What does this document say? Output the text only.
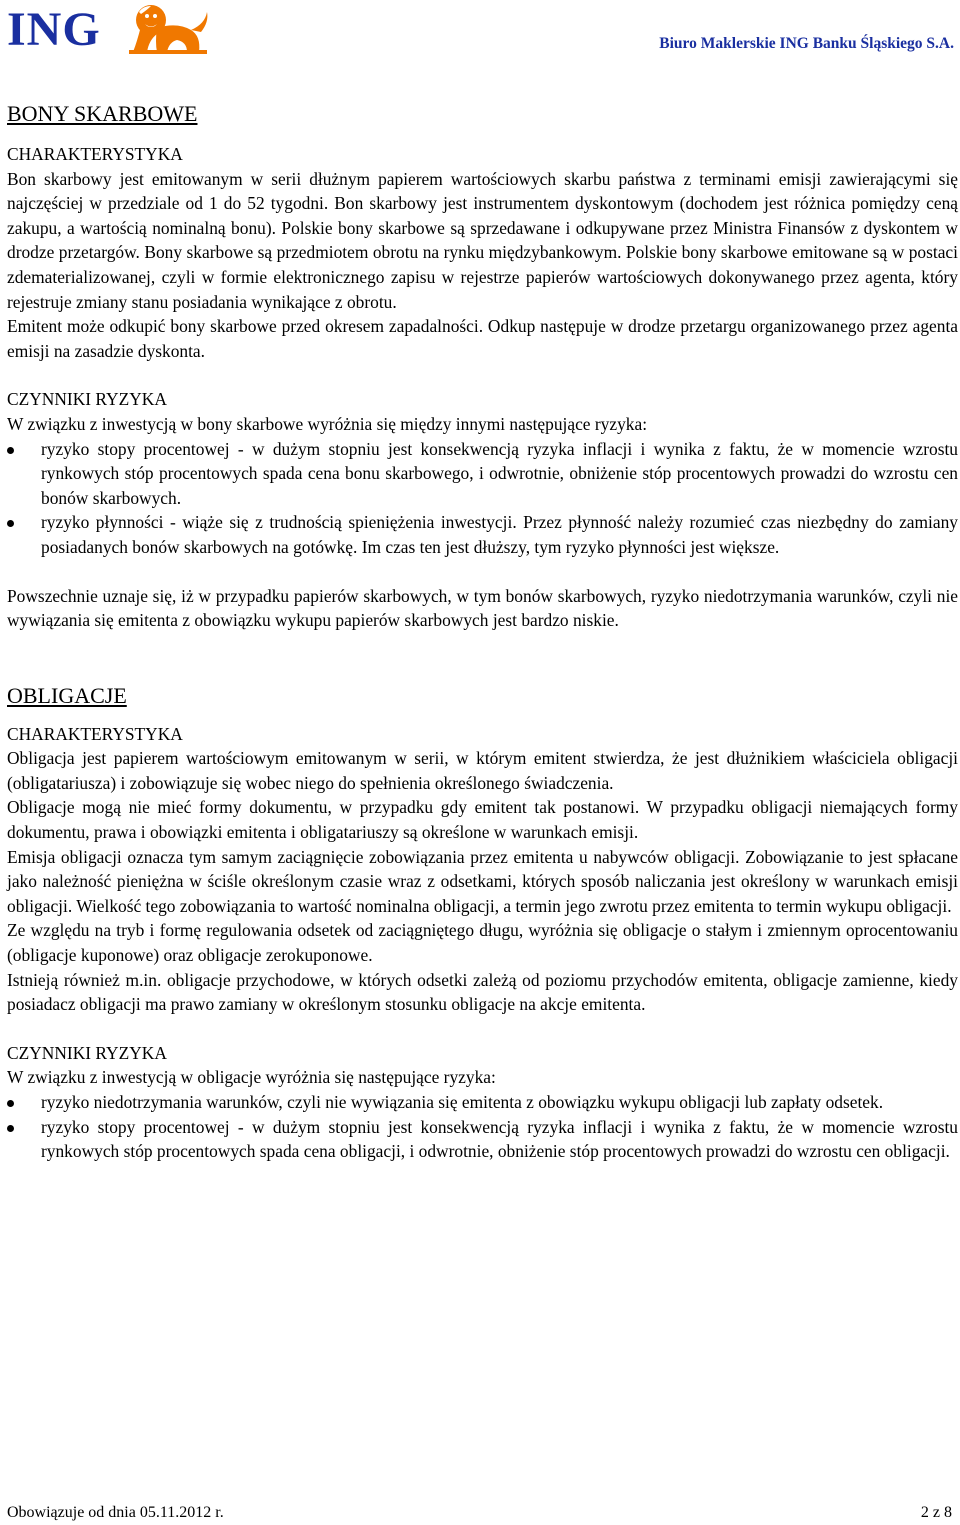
ING	Biuro Maklerskie ING Banku Śląskiego S.A.
BONY SKARBOWE

CHARAKTERYSTYKA

Bon skarbowy jest emitowanym w serii dłużnym papierem wartościowych skarbu państwa z terminami emisji zawierającymi się najczęściej w przedziale od 1 do 52 tygodni. Bon skarbowy jest instrumentem dyskontowym (dochodem jest różnica pomiędzy ceną zakupu, a wartością nominalną bonu). Polskie bony skarbowe są sprzedawane i odkupywane przez Ministra Finansów z dyskontem w drodze przetargów. Bony skarbowe są przedmiotem obrotu na rynku międzybankowym. Polskie bony skarbowe emitowane są w postaci zdematerializowanej, czyli w formie elektronicznego zapisu w rejestrze papierów wartościowych dokonywanego przez agenta, który rejestruje zmiany stanu posiadania wynikające z obrotu.

Emitent może odkupić bony skarbowe przed okresem zapadalności. Odkup następuje w drodze przetargu organizowanego przez agenta emisji na zasadzie dyskonta.

CZYNNIKI RYZYKA

W związku z inwestycją w bony skarbowe wyróżnia się między innymi następujące ryzyka:

ryzyko stopy procentowej - w dużym stopniu jest konsekwencją ryzyka inflacji i wynika z faktu, że w momencie wzrostu rynkowych stóp procentowych spada cena bonu skarbowego, i odwrotnie, obniżenie stóp procentowych prowadzi do wzrostu cen bonów skarbowych.
ryzyko płynności - wiąże się z trudnością spieniężenia inwestycji. Przez płynność należy rozumieć czas niezbędny do zamiany posiadanych bonów skarbowych na gotówkę. Im czas ten jest dłuższy, tym ryzyko płynności jest większe.

Powszechnie uznaje się, iż w przypadku papierów skarbowych, w tym bonów skarbowych, ryzyko niedotrzymania warunków, czyli nie wywiązania się emitenta z obowiązku wykupu papierów skarbowych jest bardzo niskie.

OBLIGACJE

CHARAKTERYSTYKA

Obligacja jest papierem wartościowym emitowanym w serii, w którym emitent stwierdza, że jest dłużnikiem właściciela obligacji (obligatariusza) i zobowiązuje się wobec niego do spełnienia określonego świadczenia.

Obligacje mogą nie mieć formy dokumentu, w przypadku gdy emitent tak postanowi. W przypadku obligacji niemających formy dokumentu, prawa i obowiązki emitenta i obligatariuszy są określone w warunkach emisji.

Emisja obligacji oznacza tym samym zaciągnięcie zobowiązania przez emitenta u nabywców obligacji. Zobowiązanie to jest spłacane jako należność pieniężna w ściśle określonym czasie wraz z odsetkami, których sposób naliczania jest określony w warunkach emisji obligacji. Wielkość tego zobowiązania to wartość nominalna obligacji, a termin jego zwrotu przez emitenta to termin wykupu obligacji.

Ze względu na tryb i formę regulowania odsetek od zaciągniętego długu, wyróżnia się obligacje o stałym i zmiennym oprocentowaniu (obligacje kuponowe) oraz obligacje zerokuponowe.

Istnieją również m.in. obligacje przychodowe, w których odsetki zależą od poziomu przychodów emitenta, obligacje zamienne, kiedy posiadacz obligacji ma prawo zamiany w określonym stosunku obligacje na akcje emitenta.

CZYNNIKI RYZYKA

W związku z inwestycją w obligacje wyróżnia się następujące ryzyka:

ryzyko niedotrzymania warunków, czyli nie wywiązania się emitenta z obowiązku wykupu obligacji lub zapłaty odsetek.
ryzyko stopy procentowej - w dużym stopniu jest konsekwencją ryzyka inflacji i wynika z faktu, że w momencie wzrostu rynkowych stóp procentowych spada cena obligacji, i odwrotnie, obniżenie stóp procentowych prowadzi do wzrostu cen obligacji.
Obowiązuje od dnia 05.11.2012 r.	2 z 8
